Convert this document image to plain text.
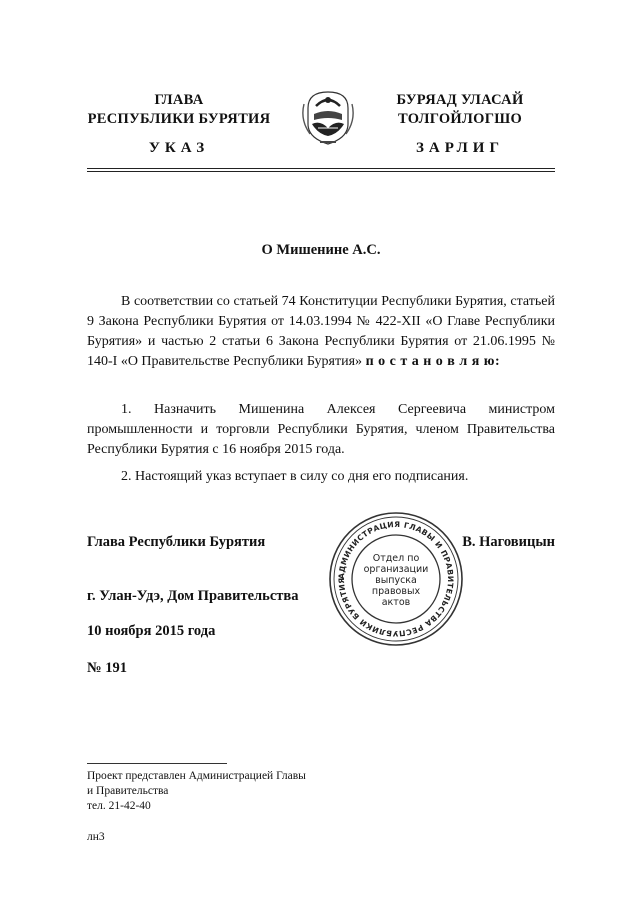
ГЛАВА
РЕСПУБЛИКИ БУРЯТИЯ
УКАЗ
БУРЯАД УЛАСАЙ
ТОЛГОЙЛОГШО
ЗАРЛИГ
О Мишенине А.С.
В соответствии со статьей 74 Конституции Республики Бурятия, статьей 9 Закона Республики Бурятия от 14.03.1994 № 422-XII «О Главе Республики Бурятия» и частью 2 статьи 6 Закона Республики Бурятия от 21.06.1995 № 140-I «О Правительстве Республики Бурятия» п о с т а н о в л я ю:
1. Назначить Мишенина Алексея Сергеевича министром промышленности и торговли Республики Бурятия, членом Правительства Республики Бурятия с 16 ноября 2015 года.
2. Настоящий указ вступает в силу со дня его подписания.
Глава Республики Бурятия	В. Наговицын
АДМИНИСТРАЦИЯ ГЛАВЫ И ПРАВИТЕЛЬСТВА РЕСПУБЛИКИ БУРЯТИЯ
Отдел по
организации
выпуска
правовых
актов
г. Улан-Удэ, Дом Правительства
10 ноября 2015 года
№ 191
Проект представлен Администрацией Главы
и Правительства
тел. 21-42-40
лн3
